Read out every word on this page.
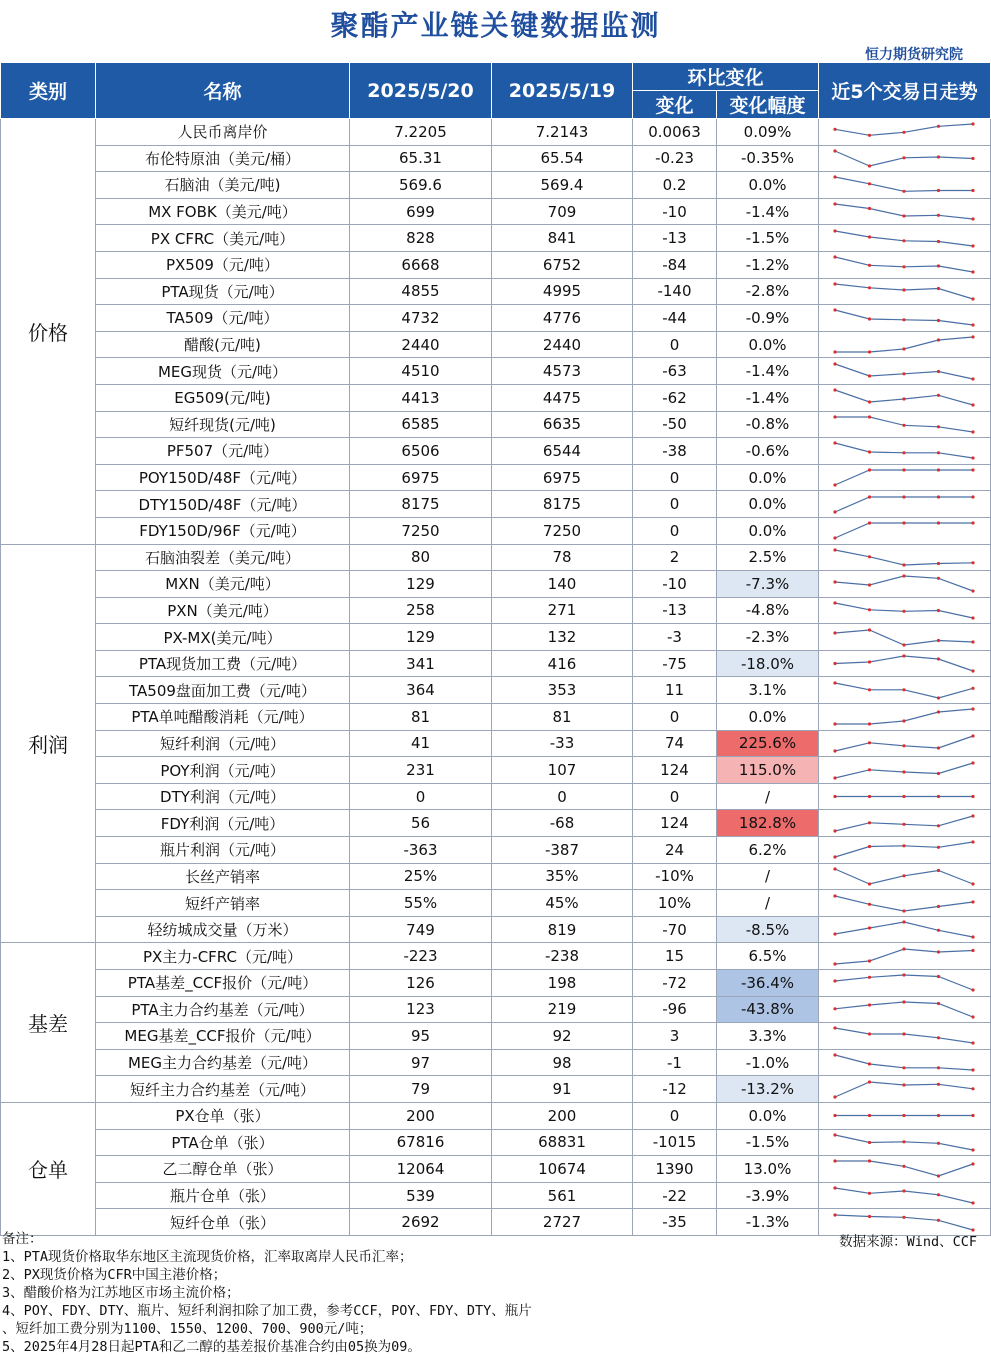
聚酯产业链关键数据监测
恒力期货研究院
类别	名称	2025/5/20	2025/5/19	环比变化		近5个交易日走势
				变化	变化幅度	
价格	人民币离岸价	7.2205	7.2143	0.0063	0.09%	

	布伦特原油（美元/桶）	65.31	65.54	-0.23	-0.35%	

	石脑油（美元/吨)	569.6	569.4	0.2	0.0%	

	MX FOBK（美元/吨）	699	709	-10	-1.4%	

	PX CFRC（美元/吨）	828	841	-13	-1.5%	

	PX509（元/吨）	6668	6752	-84	-1.2%	

	PTA现货（元/吨）	4855	4995	-140	-2.8%	

	TA509（元/吨）	4732	4776	-44	-0.9%	

	醋酸(元/吨)	2440	2440	0	0.0%	

	MEG现货（元/吨）	4510	4573	-63	-1.4%	

	EG509(元/吨)	4413	4475	-62	-1.4%	

	短纤现货(元/吨)	6585	6635	-50	-0.8%	

	PF507（元/吨）	6506	6544	-38	-0.6%	

	POY150D/48F（元/吨）	6975	6975	0	0.0%	

	DTY150D/48F（元/吨）	8175	8175	0	0.0%	

	FDY150D/96F（元/吨）	7250	7250	0	0.0%	

利润	石脑油裂差（美元/吨）	80	78	2	2.5%	

	MXN（美元/吨）	129	140	-10	-7.3%	

	PXN（美元/吨）	258	271	-13	-4.8%	

	PX-MX(美元/吨）	129	132	-3	-2.3%	

	PTA现货加工费（元/吨）	341	416	-75	-18.0%	

	TA509盘面加工费（元/吨）	364	353	11	3.1%	

	PTA单吨醋酸消耗（元/吨）	81	81	0	0.0%	

	短纤利润（元/吨）	41	-33	74	225.6%	

	POY利润（元/吨）	231	107	124	115.0%	

	DTY利润（元/吨）	0	0	0	/	

	FDY利润（元/吨）	56	-68	124	182.8%	

	瓶片利润（元/吨）	-363	-387	24	6.2%	

	长丝产销率	25%	35%	-10%	/	

	短纤产销率	55%	45%	10%	/	

	轻纺城成交量（万米）	749	819	-70	-8.5%	

基差	PX主力-CFRC（元/吨）	-223	-238	15	6.5%	

	PTA基差_CCF报价（元/吨）	126	198	-72	-36.4%	

	PTA主力合约基差（元/吨）	123	219	-96	-43.8%	

	MEG基差_CCF报价（元/吨）	95	92	3	3.3%	

	MEG主力合约基差（元/吨）	97	98	-1	-1.0%	

	短纤主力合约基差（元/吨）	79	91	-12	-13.2%	

仓单	PX仓单（张）	200	200	0	0.0%	

	PTA仓单（张）	67816	68831	-1015	-1.5%	

	乙二醇仓单（张）	12064	10674	1390	13.0%	

	瓶片仓单（张）	539	561	-22	-3.9%	

	短纤仓单（张）	2692	2727	-35	-1.3%	
备注：
1、PTA现货价格取华东地区主流现货价格，汇率取离岸人民币汇率；
2、PX现货价格为CFR中国主港价格；
3、醋酸价格为江苏地区市场主流价格；
4、POY、FDY、DTY、瓶片、短纤利润扣除了加工费，参考CCF，POY、FDY、DTY、瓶片
、短纤加工费分别为1100、1550、1200、700、900元/吨；
5、2025年4月28日起PTA和乙二醇的基差报价基准合约由05换为09。
数据来源：Wind、CCF
